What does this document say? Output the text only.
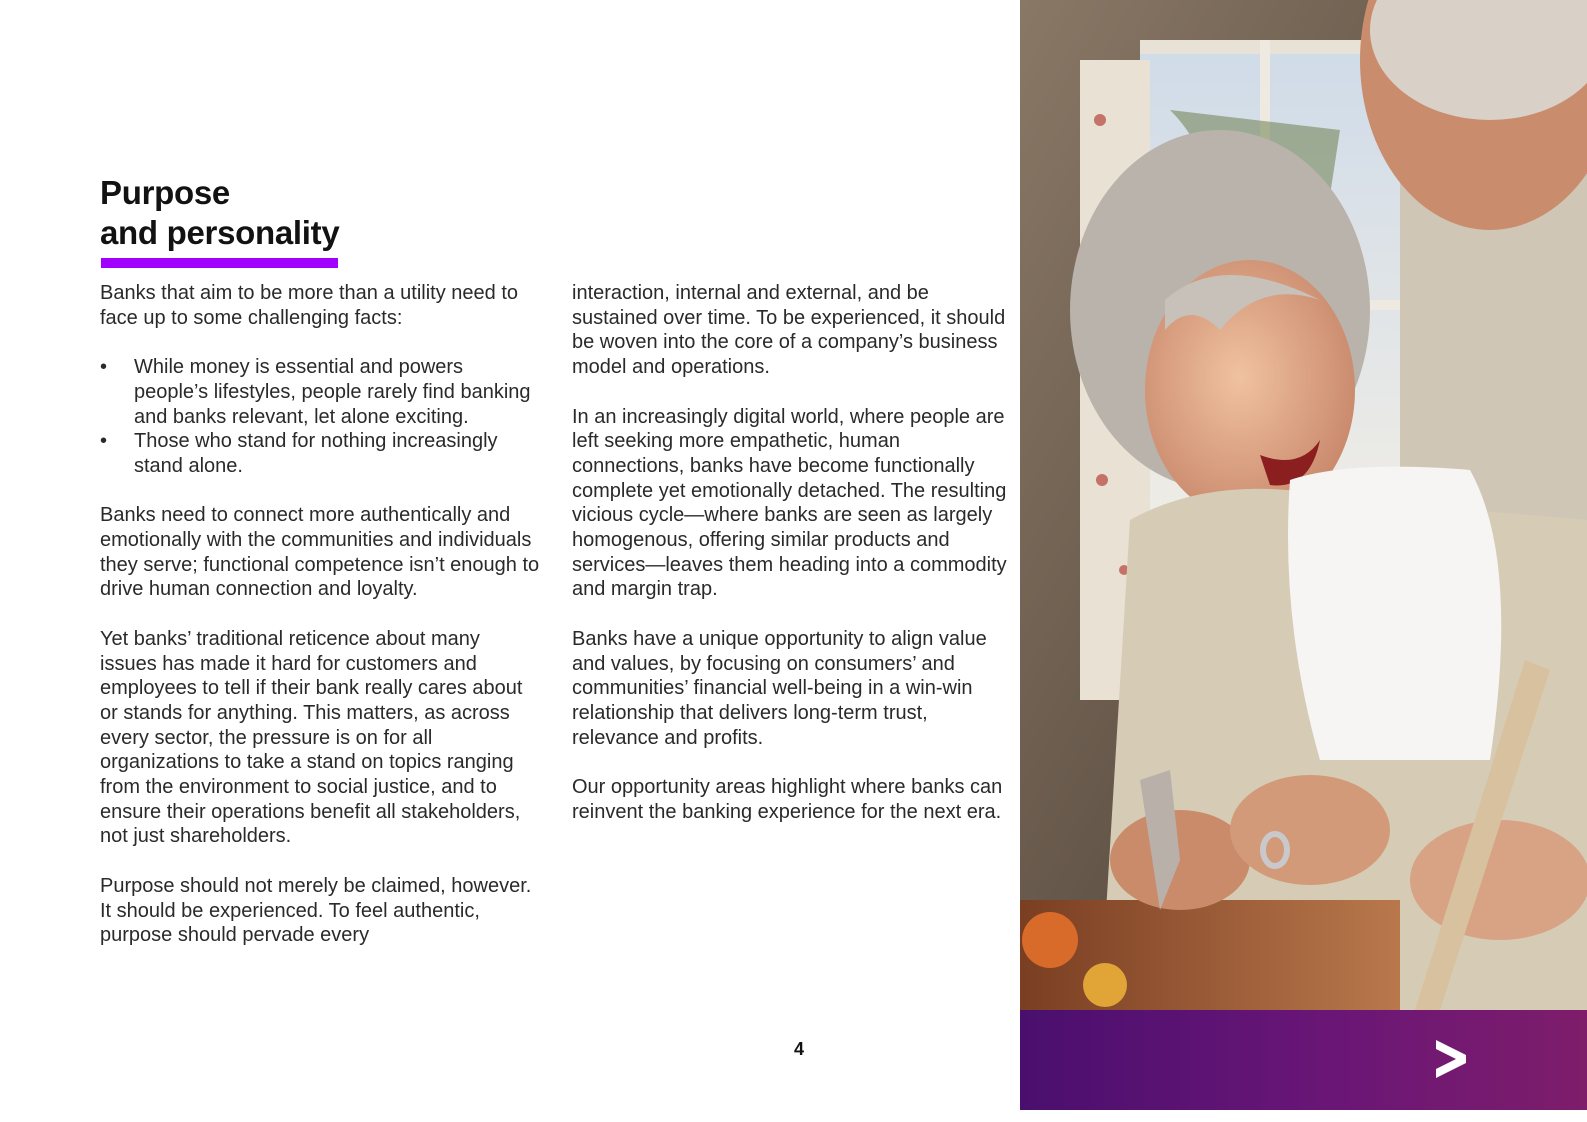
Purpose
and personality

Banks that aim to be more than a utility need to face up to some challenging facts:

•	While money is essential and powers people’s lifestyles, people rarely find banking and banks relevant, let alone exciting.
•	Those who stand for nothing increasingly stand alone.

Banks need to connect more authentically and emotionally with the communities and individuals they serve; functional competence isn’t enough to drive human connection and loyalty.

Yet banks’ traditional reticence about many issues has made it hard for customers and employees to tell if their bank really cares about or stands for anything. This matters, as across every sector, the pressure is on for all organizations to take a stand on topics ranging from the environment to social justice, and to ensure their operations benefit all stakeholders, not just shareholders.

Purpose should not merely be claimed, however. It should be experienced. To feel authentic, purpose should pervade every

interaction, internal and external, and be sustained over time. To be experienced, it should be woven into the core of a company’s business model and operations.

In an increasingly digital world, where people are left seeking more empathetic, human connections, banks have become functionally complete yet emotionally detached. The resulting vicious cycle—where banks are seen as largely homogenous, offering similar products and services—leaves them heading into a commodity and margin trap.

Banks have a unique opportunity to align value and values, by focusing on consumers’ and communities’ financial well-being in a win-win relationship that delivers long-term trust, relevance and profits.

Our opportunity areas highlight where banks can reinvent the banking experience for the next era.

4
